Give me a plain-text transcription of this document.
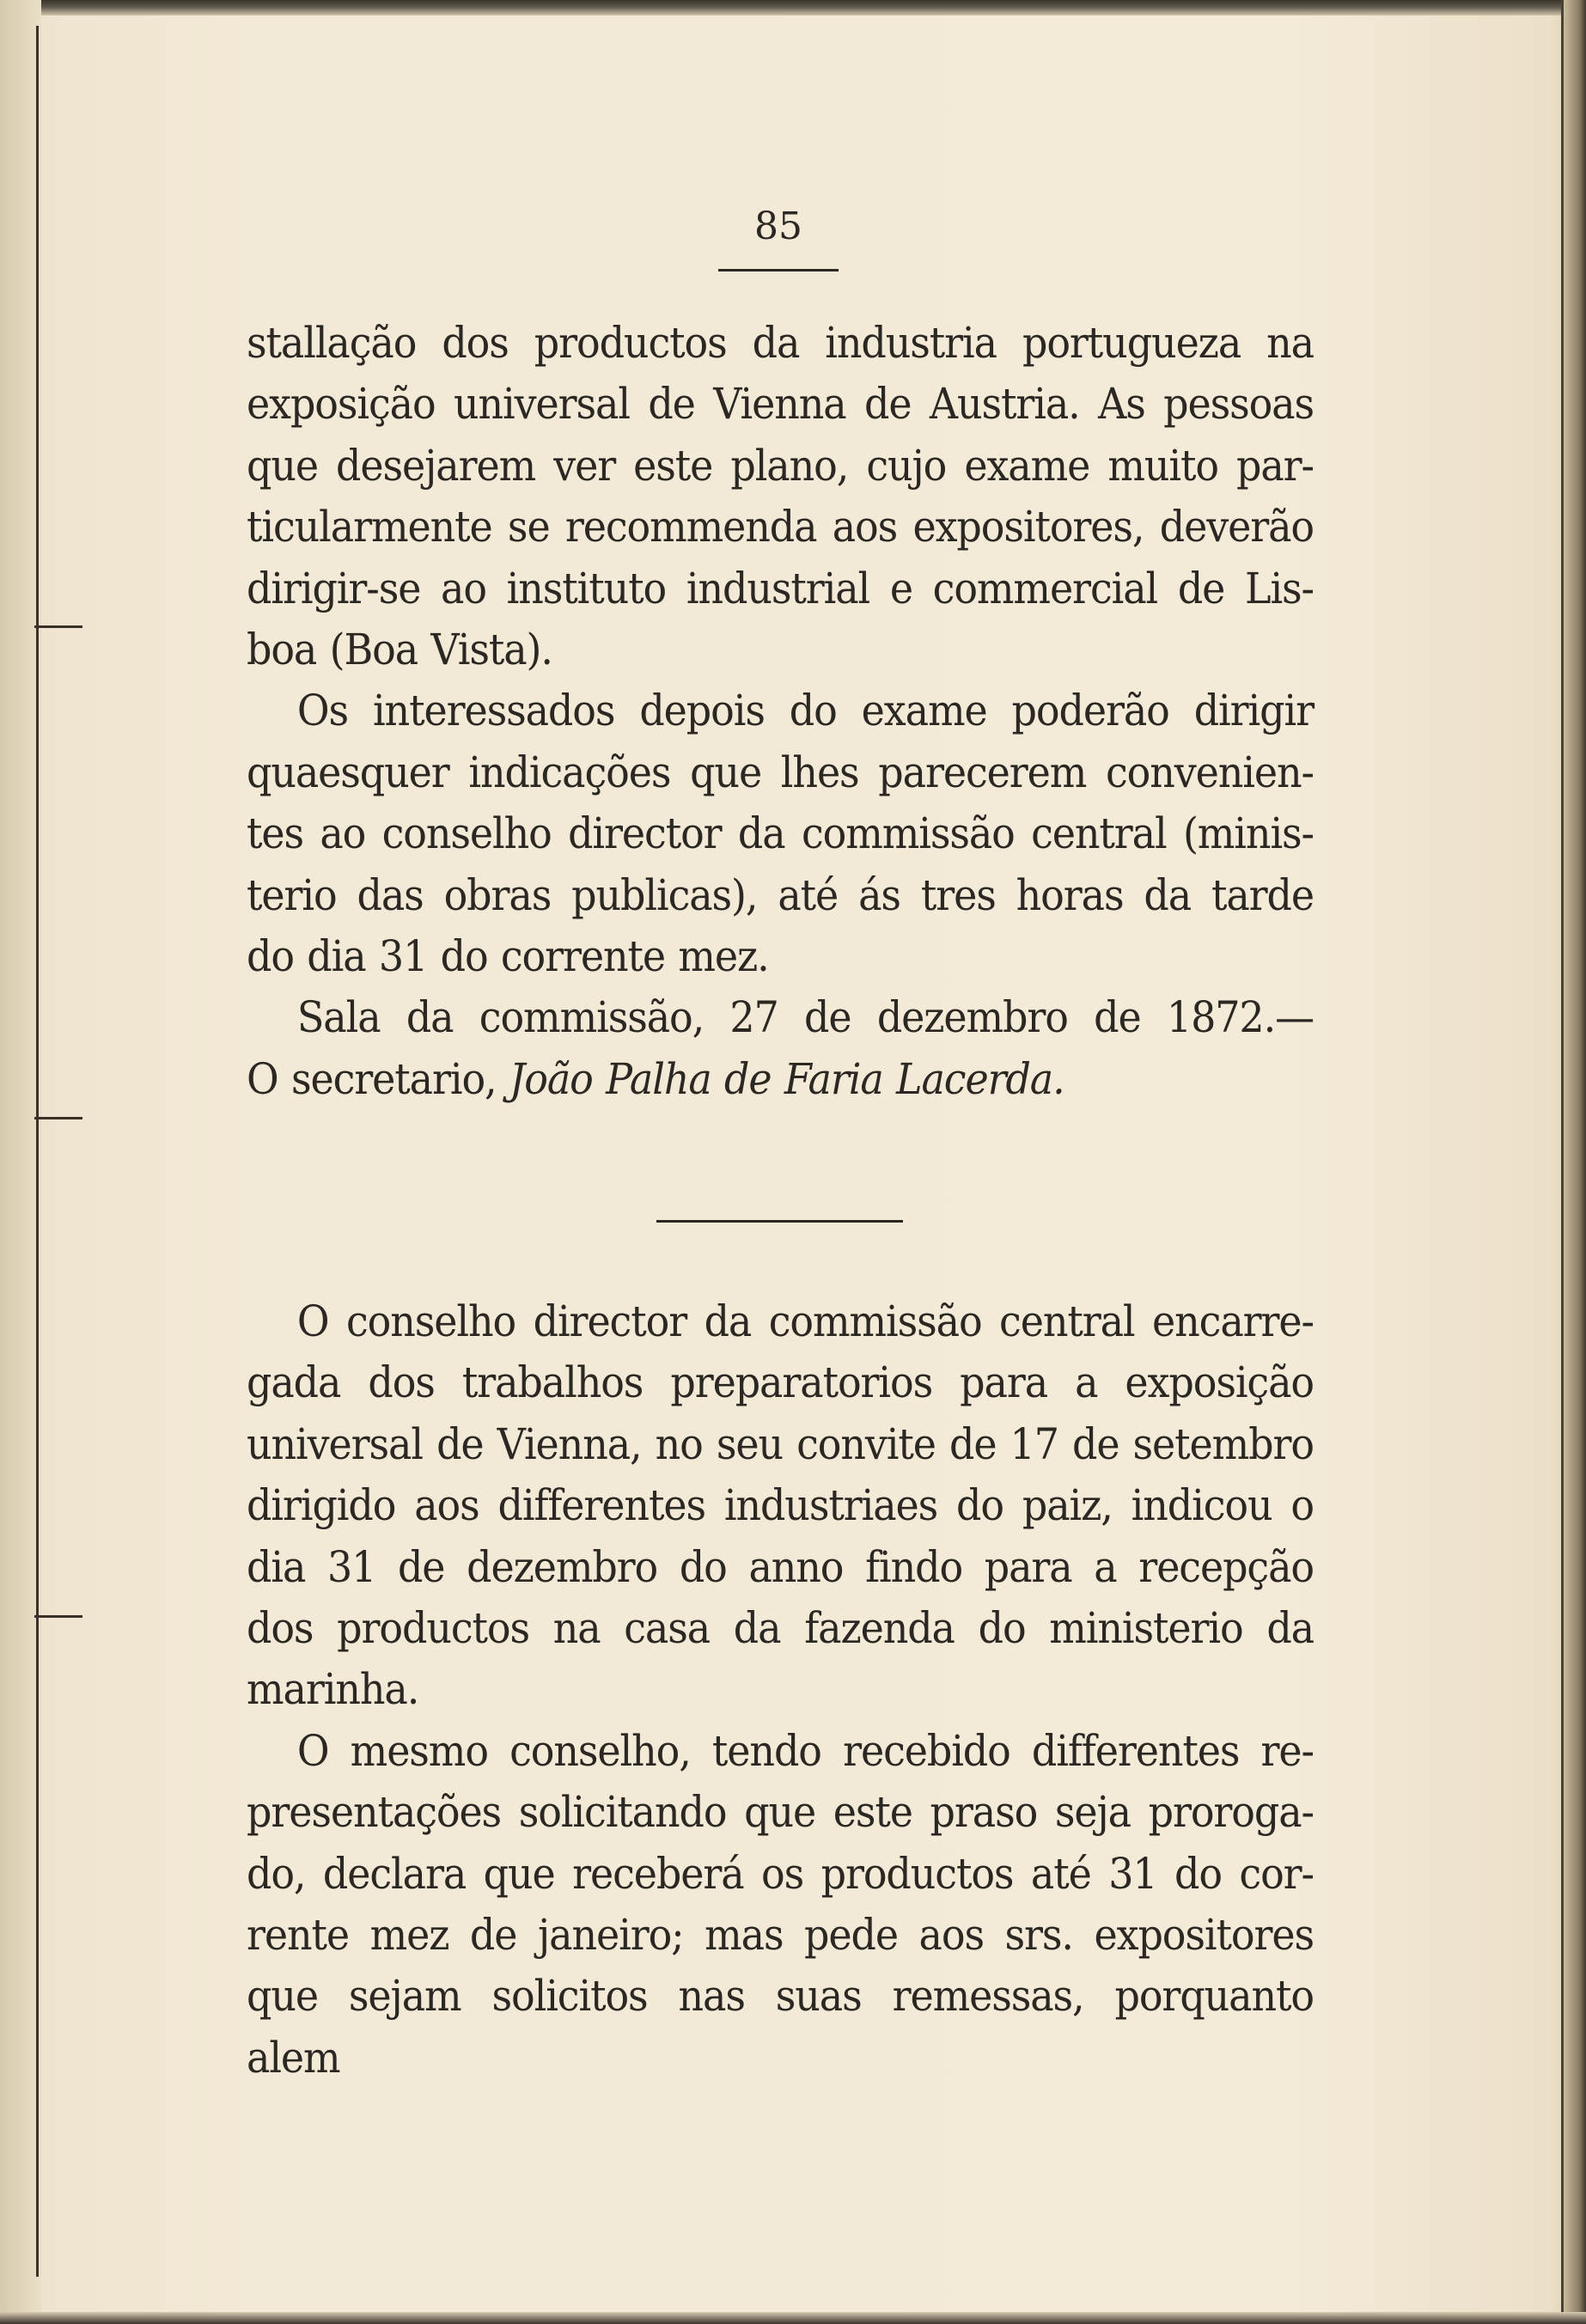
85

stallação dos productos da industria portugueza na
exposição universal de Vienna de Austria. As pessoas
que desejarem ver este plano, cujo exame muito par-
ticularmente se recommenda aos expositores, deverão
dirigir-se ao instituto industrial e commercial de Lis-
boa (Boa Vista).

Os interessados depois do exame poderão dirigir
quaesquer indicações que lhes parecerem convenien-
tes ao conselho director da commissão central (minis-
terio das obras publicas), até ás tres horas da tarde
do dia 31 do corrente mez.

Sala da commissão, 27 de dezembro de 1872.—
O secretario, João Palha de Faria Lacerda.

O conselho director da commissão central encarre-
gada dos trabalhos preparatorios para a exposição
universal de Vienna, no seu convite de 17 de setembro
dirigido aos differentes industriaes do paiz, indicou o
dia 31 de dezembro do anno findo para a recepção
dos productos na casa da fazenda do ministerio da
marinha.

O mesmo conselho, tendo recebido differentes re-
presentações solicitando que este praso seja proroga-
do, declara que receberá os productos até 31 do cor-
rente mez de janeiro; mas pede aos srs. expositores
que sejam solicitos nas suas remessas, porquanto alem
